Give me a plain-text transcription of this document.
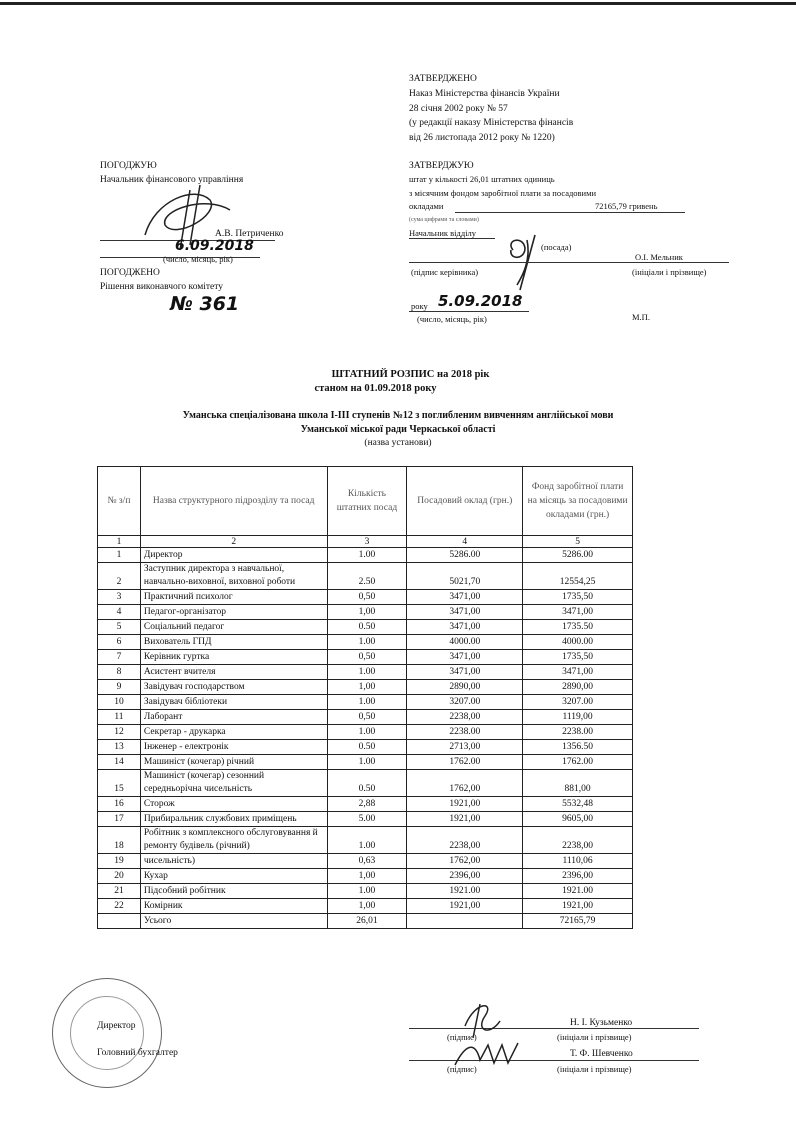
ЗАТВЕРДЖЕНО
Наказ Міністерства фінансів України
28 січня 2002 року № 57
(у редакції наказу Міністерства фінансів
від 26 листопада 2012 року № 1220)
ПОГОДЖУЮ
Начальник фінансового управління
А.В. Петриченко
6.09.2018
(число, місяць, рік)
ПОГОДЖЕНО
Рішення виконавчого комітету
№ 361
ЗАТВЕРДЖУЮ
штат у кількості 26,01 штатних одиниць
з місячним фондом заробітної плати за посадовими
окладами	72165,79 гривень
(сума цифрами та словами)
Начальник відділу
(посада)
О.І. Мельник
(підпис керівника)	(ініціали і прізвище)
року 5.09.2018
(число, місяць, рік)	М.П.
ШТАТНИЙ РОЗПИС на 2018 рік
станом на 01.09.2018 року
Уманська спеціалізована школа І-ІІІ ступенів №12 з поглибленим вивченням англійської мови
Уманської міської ради Черкаської області
(назва установи)
№ з/п	Назва структурного підрозділу та посад	Кількість штатних посад	Посадовий оклад (грн.)	Фонд заробітної плати на місяць за посадовими окладами (грн.)
1	2	3	4	5
1	Директор	1.00	5286.00	5286.00
2	Заступник директора з навчальної, навчально-виховної, виховної роботи	2.50	5021,70	12554,25
3	Практичний психолог	0,50	3471,00	1735,50
4	Педагог-організатор	1,00	3471,00	3471,00
5	Соціальний педагог	0.50	3471,00	1735.50
6	Вихователь ГПД	1.00	4000.00	4000.00
7	Керівник гуртка	0,50	3471,00	1735,50
8	Асистент вчителя	1.00	3471,00	3471,00
9	Завідувач господарством	1,00	2890,00	2890,00
10	Завідувач бібліотеки	1.00	3207.00	3207.00
11	Лаборант	0,50	2238,00	1119,00
12	Секретар - друкарка	1.00	2238.00	2238.00
13	Інженер - електронік	0.50	2713,00	1356.50
14	Машиніст (кочегар) річний	1.00	1762.00	1762.00
15	Машиніст (кочегар) сезонний середньорічна чисельність	0.50	1762,00	881,00
16	Сторож	2,88	1921,00	5532,48
17	Прибиральник службових приміщень	5.00	1921,00	9605,00
18	Робітник з комплексного обслуговування й ремонту будівель (річний)	1.00	2238,00	2238,00
19	чисельність)	0,63	1762,00	1110,06
20	Кухар	1,00	2396,00	2396,00
21	Підсобний робітник	1.00	1921.00	1921.00
22	Комірник	1,00	1921,00	1921,00
	Усього	26,01		72165,79
Директор
Головний бухгалтер
Н. І. Кузьменко
(підпис)	(ініціали і прізвище)
Т. Ф. Шевченко
(підпис)	(ініціали і прізвище)
